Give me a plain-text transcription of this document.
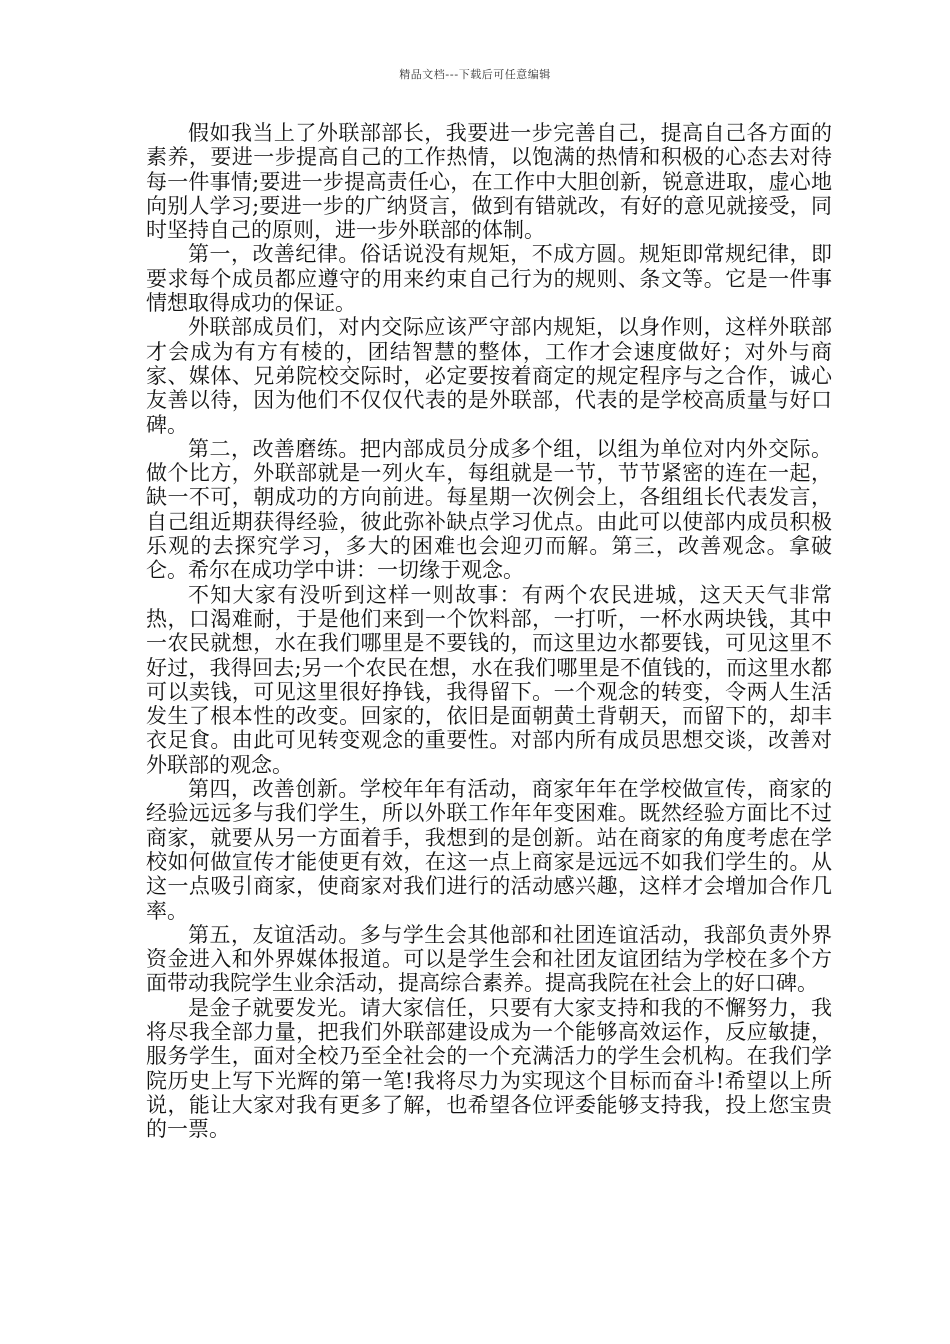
精品文档---下载后可任意编辑

假如我当上了外联部部长，我要进一步完善自己，提高自己各方面的素养，要进一步提高自己的工作热情，以饱满的热情和积极的心态去对待每一件事情;要进一步提高责任心，在工作中大胆创新，锐意进取，虚心地向别人学习;要进一步的广纳贤言，做到有错就改，有好的意见就接受，同时坚持自己的原则，进一步外联部的体制。

第一，改善纪律。俗话说没有规矩，不成方圆。规矩即常规纪律，即要求每个成员都应遵守的用来约束自己行为的规则、条文等。它是一件事情想取得成功的保证。

外联部成员们，对内交际应该严守部内规矩，以身作则，这样外联部才会成为有方有棱的，团结智慧的整体，工作才会速度做好；对外与商家、媒体、兄弟院校交际时，必定要按着商定的规定程序与之合作，诚心友善以待，因为他们不仅仅代表的是外联部，代表的是学校高质量与好口碑。

第二，改善磨练。把内部成员分成多个组，以组为单位对内外交际。做个比方，外联部就是一列火车，每组就是一节，节节紧密的连在一起，缺一不可，朝成功的方向前进。每星期一次例会上，各组组长代表发言，自己组近期获得经验，彼此弥补缺点学习优点。由此可以使部内成员积极乐观的去探究学习，多大的困难也会迎刃而解。第三，改善观念。拿破仑。希尔在成功学中讲：一切缘于观念。

不知大家有没听到这样一则故事：有两个农民进城，这天天气非常热，口渴难耐，于是他们来到一个饮料部，一打听，一杯水两块钱，其中一农民就想，水在我们哪里是不要钱的，而这里边水都要钱，可见这里不好过，我得回去;另一个农民在想，水在我们哪里是不值钱的，而这里水都可以卖钱，可见这里很好挣钱，我得留下。一个观念的转变，令两人生活发生了根本性的改变。回家的，依旧是面朝黄土背朝天，而留下的，却丰衣足食。由此可见转变观念的重要性。对部内所有成员思想交谈，改善对外联部的观念。

第四，改善创新。学校年年有活动，商家年年在学校做宣传，商家的经验远远多与我们学生，所以外联工作年年变困难。既然经验方面比不过商家，就要从另一方面着手，我想到的是创新。站在商家的角度考虑在学校如何做宣传才能使更有效，在这一点上商家是远远不如我们学生的。从这一点吸引商家，使商家对我们进行的活动感兴趣，这样才会增加合作几率。

第五，友谊活动。多与学生会其他部和社团连谊活动，我部负责外界资金进入和外界媒体报道。可以是学生会和社团友谊团结为学校在多个方面带动我院学生业余活动，提高综合素养。提高我院在社会上的好口碑。

是金子就要发光。请大家信任，只要有大家支持和我的不懈努力，我将尽我全部力量，把我们外联部建设成为一个能够高效运作，反应敏捷，服务学生，面对全校乃至全社会的一个充满活力的学生会机构。在我们学院历史上写下光辉的第一笔!我将尽力为实现这个目标而奋斗!希望以上所说，能让大家对我有更多了解，也希望各位评委能够支持我，投上您宝贵的一票。
